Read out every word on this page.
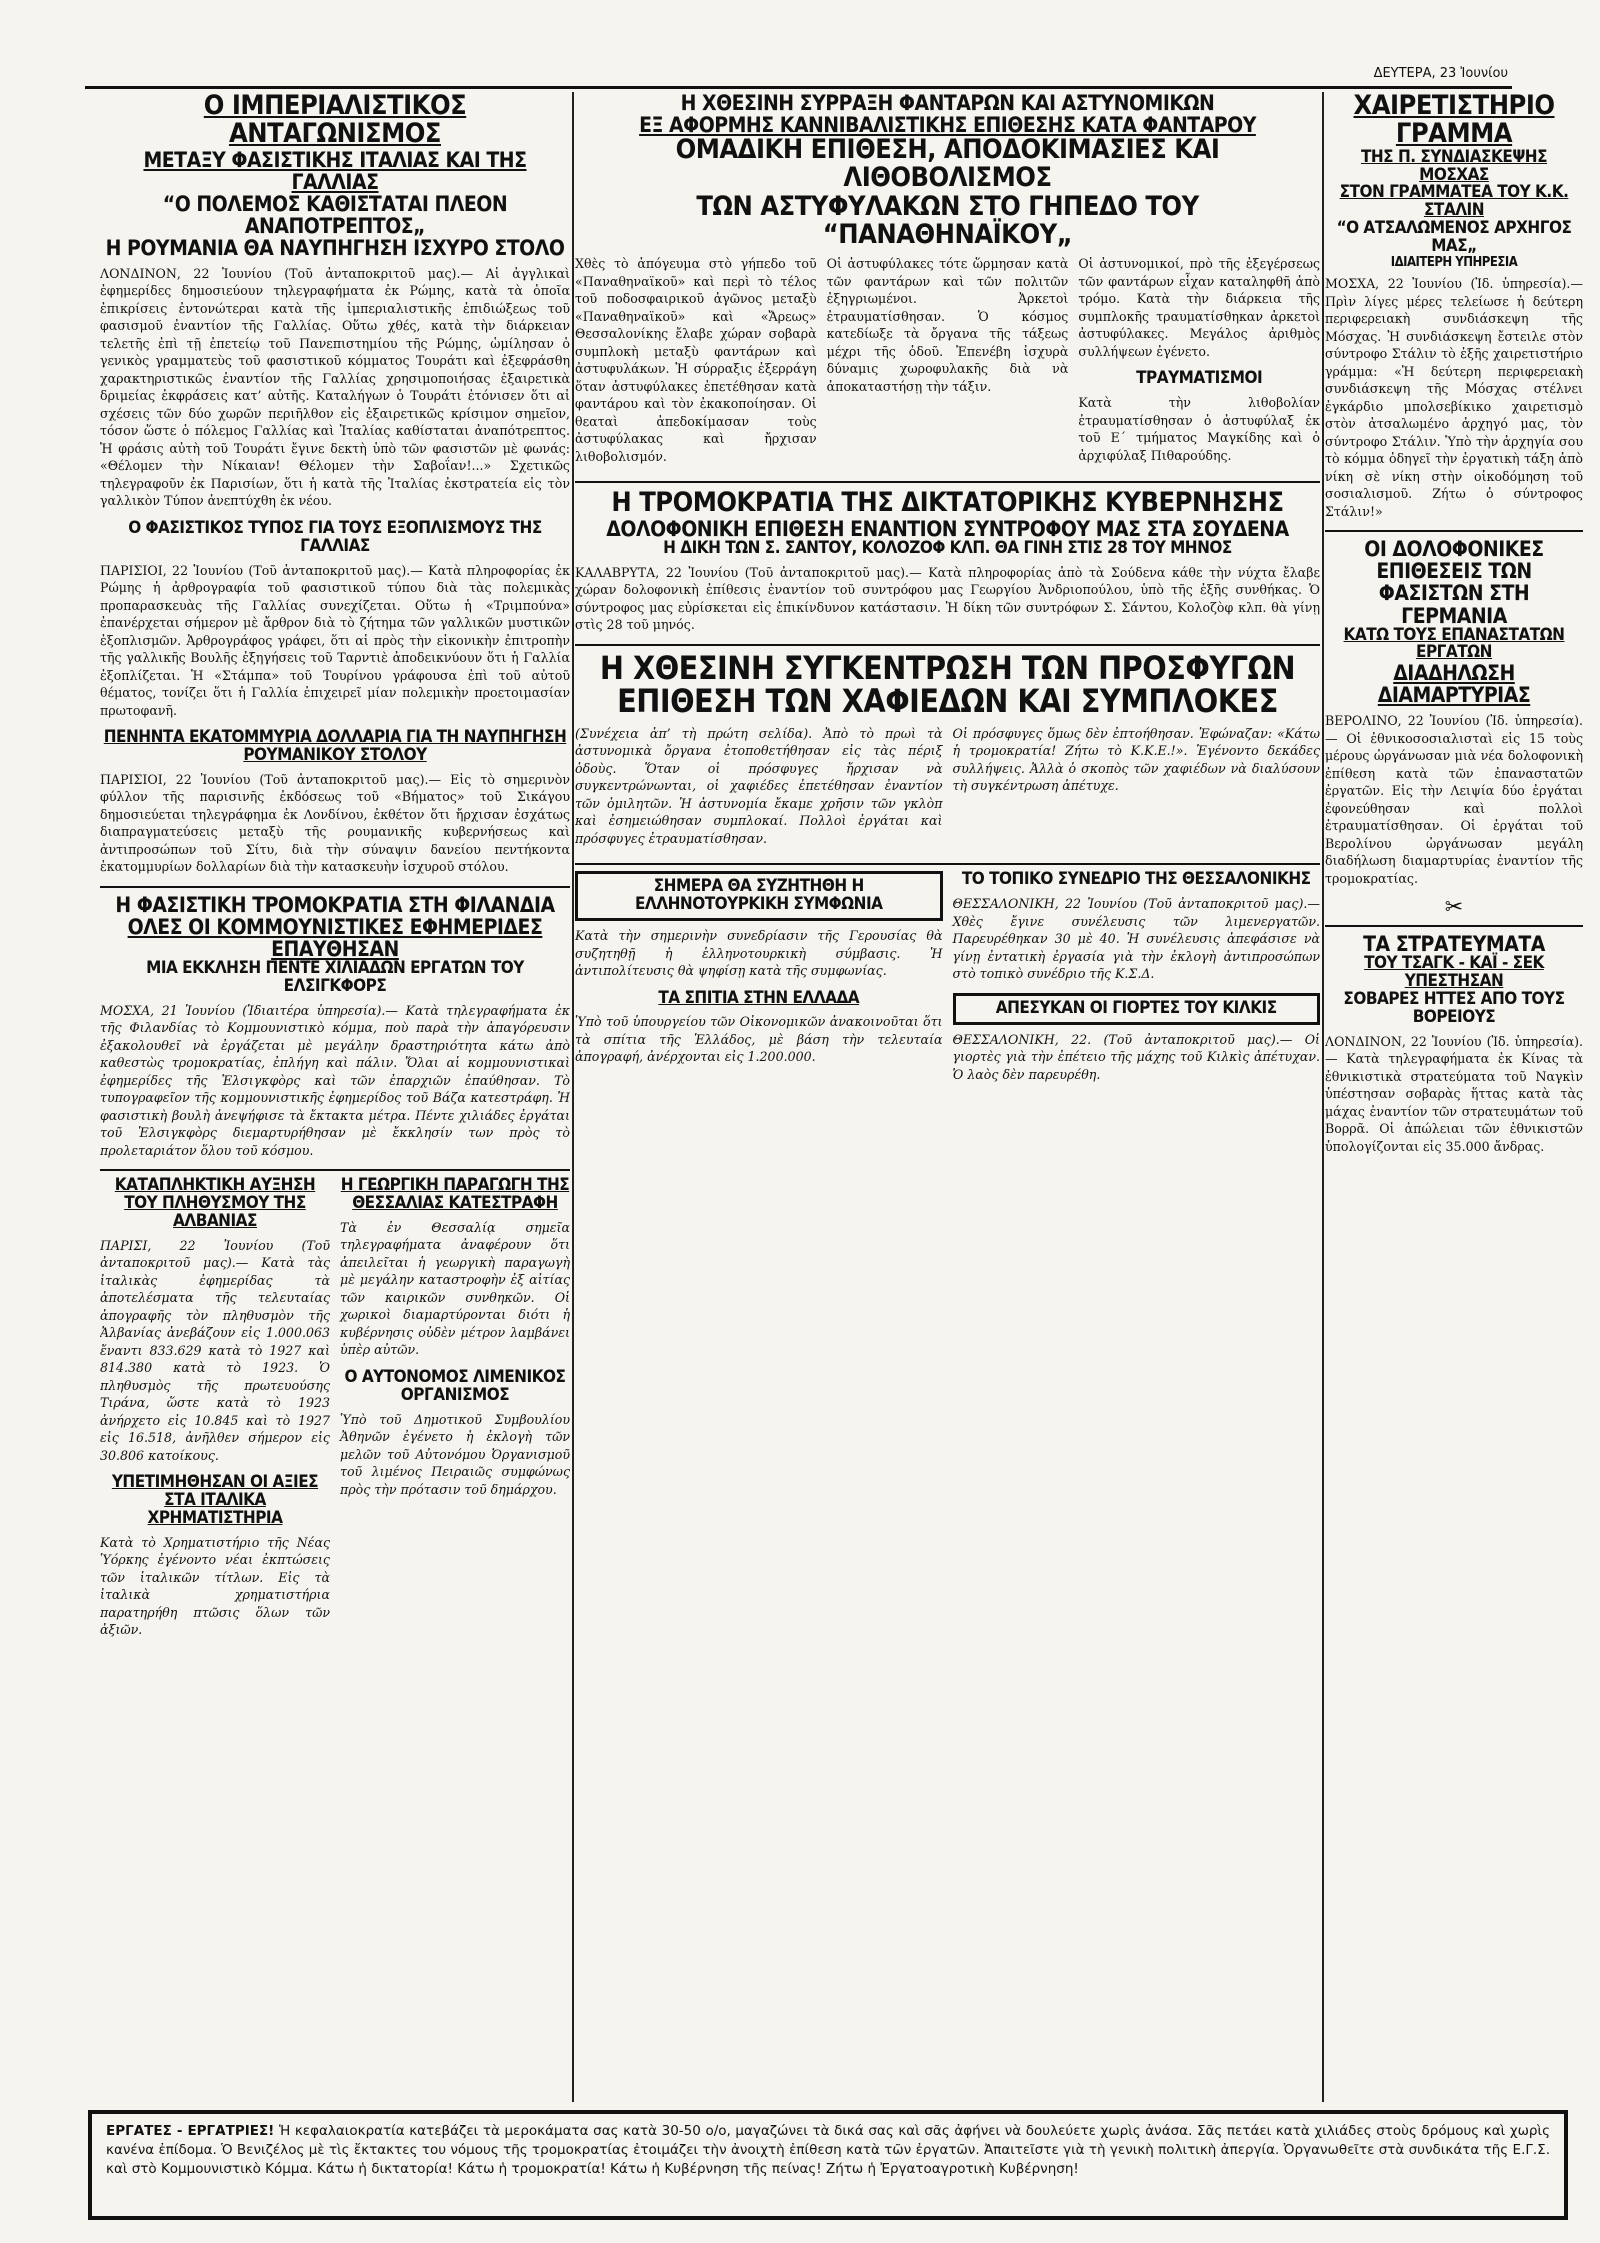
ΔΕΥΤΕΡΑ, 23 Ἰουνίου
Ο ΙΜΠΕΡΙΑΛΙΣΤΙΚΟΣ ΑΝΤΑΓΩΝΙΣΜΟΣ
ΜΕΤΑΞΥ ΦΑΣΙΣΤΙΚΗΣ ΙΤΑΛΙΑΣ ΚΑΙ ΤΗΣ ΓΑΛΛΙΑΣ
“Ο ΠΟΛΕΜΟΣ ΚΑΘΙΣΤΑΤΑΙ ΠΛΕΟΝ ΑΝΑΠΟΤΡΕΠΤΟΣ„
Η ΡΟΥΜΑΝΙΑ ΘΑ ΝΑΥΠΗΓΗΣΗ ΙΣΧΥΡΟ ΣΤΟΛΟ
ΛΟΝΔΙΝΟΝ, 22 Ἰουνίου (Τοῦ ἀνταποκριτοῦ μας).— Αἱ ἀγγλικαὶ ἐφημερίδες δημοσιεύουν τηλεγραφήματα ἐκ Ρώμης, κατὰ τὰ ὁποῖα ἐπικρίσεις ἐντονώτεραι κατὰ τῆς ἰμπεριαλιστικῆς ἐπιδιώξεως τοῦ φασισμοῦ ἐναντίον τῆς Γαλλίας. Οὕτω χθές, κατὰ τὴν διάρκειαν τελετῆς ἐπὶ τῇ ἐπετείῳ τοῦ Πανεπιστημίου τῆς Ρώμης, ὡμίλησαν ὁ γενικὸς γραμματεὺς τοῦ φασιστικοῦ κόμματος Τουράτι καὶ ἐξεφράσθη χαρακτηριστικῶς ἐναντίον τῆς Γαλλίας χρησιμοποιήσας ἐξαιρετικὰ δριμείας ἐκφράσεις κατ’ αὐτῆς. Καταλήγων ὁ Τουράτι ἐτόνισεν ὅτι αἱ σχέσεις τῶν δύο χωρῶν περιῆλθον εἰς ἐξαιρετικῶς κρίσιμον σημεῖον, τόσον ὥστε ὁ πόλεμος Γαλλίας καὶ Ἰταλίας καθίσταται ἀναπότρεπτος. Ἡ φράσις αὐτὴ τοῦ Τουράτι ἔγινε δεκτὴ ὑπὸ τῶν φασιστῶν μὲ φωνάς: «Θέλομεν τὴν Νίκαιαν! Θέλομεν τὴν Σαβοΐαν!...» Σχετικῶς τηλεγραφοῦν ἐκ Παρισίων, ὅτι ἡ κατὰ τῆς Ἰταλίας ἐκστρατεία εἰς τὸν γαλλικὸν Τύπον ἀνεπτύχθη ἐκ νέου.
Ο ΦΑΣΙΣΤΙΚΟΣ ΤΥΠΟΣ ΓΙΑ ΤΟΥΣ ΕΞΟΠΛΙΣΜΟΥΣ ΤΗΣ ΓΑΛΛΙΑΣ
ΠΑΡΙΣΙΟΙ, 22 Ἰουνίου (Τοῦ ἀνταποκριτοῦ μας).— Κατὰ πληροφορίας ἐκ Ρώμης ἡ ἀρθρογραφία τοῦ φασιστικοῦ τύπου διὰ τὰς πολεμικὰς προπαρασκευὰς τῆς Γαλλίας συνεχίζεται. Οὕτω ἡ «Τριμπούνα» ἐπανέρχεται σήμερον μὲ ἄρθρον διὰ τὸ ζήτημα τῶν γαλλικῶν μυστικῶν ἐξοπλισμῶν. Ἀρθρογράφος γράφει, ὅτι αἱ πρὸς τὴν εἰκονικὴν ἐπιτροπὴν τῆς γαλλικῆς Βουλῆς ἐξηγήσεις τοῦ Ταρντιὲ ἀποδεικνύουν ὅτι ἡ Γαλλία ἐξοπλίζεται. Ἡ «Στάμπα» τοῦ Τουρίνου γράφουσα ἐπὶ τοῦ αὐτοῦ θέματος, τονίζει ὅτι ἡ Γαλλία ἐπιχειρεῖ μίαν πολεμικὴν προετοιμασίαν πρωτοφανῆ.
ΠΕΝΗΝΤΑ ΕΚΑΤΟΜΜΥΡΙΑ ΔΟΛΛΑΡΙΑ ΓΙΑ ΤΗ ΝΑΥΠΗΓΗΣΗ ΡΟΥΜΑΝΙΚΟΥ ΣΤΟΛΟΥ
ΠΑΡΙΣΙΟΙ, 22 Ἰουνίου (Τοῦ ἀνταποκριτοῦ μας).— Εἰς τὸ σημερινὸν φύλλον τῆς παρισινῆς ἐκδόσεως τοῦ «Βήματος» τοῦ Σικάγου δημοσιεύεται τηλεγράφημα ἐκ Λονδίνου, ἐκθέτον ὅτι ἤρχισαν ἐσχάτως διαπραγματεύσεις μεταξὺ τῆς ρουμανικῆς κυβερνήσεως καὶ ἀντιπροσώπων τοῦ Σίτυ, διὰ τὴν σύναψιν δανείου πεντήκοντα ἑκατομμυρίων δολλαρίων διὰ τὴν κατασκευὴν ἰσχυροῦ στόλου.
Η ΦΑΣΙΣΤΙΚΗ ΤΡΟΜΟΚΡΑΤΙΑ ΣΤΗ ΦΙΛΑΝΔΙΑ
ΟΛΕΣ ΟΙ ΚΟΜΜΟΥΝΙΣΤΙΚΕΣ ΕΦΗΜΕΡΙΔΕΣ ΕΠΑΥΘΗΣΑΝ
ΜΙΑ ΕΚΚΛΗΣΗ ΠΕΝΤΕ ΧΙΛΙΑΔΩΝ ΕΡΓΑΤΩΝ ΤΟΥ ΕΛΣΙΓΚΦΟΡΣ
ΜΟΣΧΑ, 21 Ἰουνίου (Ἰδιαιτέρα ὑπηρεσία).— Κατὰ τηλεγραφήματα ἐκ τῆς Φιλανδίας τὸ Κομμουνιστικὸ κόμμα, ποὺ παρὰ τὴν ἀπαγόρευσιν ἐξακολουθεῖ νὰ ἐργάζεται μὲ μεγάλην δραστηριότητα κάτω ἀπὸ καθεστὼς τρομοκρατίας, ἐπλήγη καὶ πάλιν. Ὅλαι αἱ κομμουνιστικαὶ ἐφημερίδες τῆς Ἑλσιγκφὸρς καὶ τῶν ἐπαρχιῶν ἐπαύθησαν. Τὸ τυπογραφεῖον τῆς κομμουνιστικῆς ἐφημερίδος τοῦ Βάζα κατεστράφη. Ἡ φασιστικὴ βουλὴ ἀνεψήφισε τὰ ἔκτακτα μέτρα. Πέντε χιλιάδες ἐργάται τοῦ Ἑλσιγκφὸρς διεμαρτυρήθησαν μὲ ἔκκλησίν των πρὸς τὸ προλεταριάτον ὅλου τοῦ κόσμου.
ΚΑΤΑΠΛΗΚΤΙΚΗ ΑΥΞΗΣΗ ΤΟΥ ΠΛΗΘΥΣΜΟΥ ΤΗΣ ΑΛΒΑΝΙΑΣ
ΠΑΡΙΣΙ, 22 Ἰουνίου (Τοῦ ἀνταποκριτοῦ μας).— Κατὰ τὰς ἰταλικὰς ἐφημερίδας τὰ ἀποτελέσματα τῆς τελευταίας ἀπογραφῆς τὸν πληθυσμὸν τῆς Ἀλβανίας ἀνεβάζουν εἰς 1.000.063 ἔναντι 833.629 κατὰ τὸ 1927 καὶ 814.380 κατὰ τὸ 1923. Ὁ πληθυσμὸς τῆς πρωτευούσης Τιράνα, ὥστε κατὰ τὸ 1923 ἀνήρχετο εἰς 10.845 καὶ τὸ 1927 εἰς 16.518, ἀνῆλθεν σήμερον εἰς 30.806 κατοίκους.
ΥΠΕΤΙΜΗΘΗΣΑΝ ΟΙ ΑΞΙΕΣ ΣΤΑ ΙΤΑΛΙΚΑ ΧΡΗΜΑΤΙΣΤΗΡΙΑ
Κατὰ τὸ Χρηματιστήριο τῆς Νέας Ὑόρκης ἐγένοντο νέαι ἐκπτώσεις τῶν ἰταλικῶν τίτλων. Εἰς τὰ ἰταλικὰ χρηματιστήρια παρατηρήθη πτῶσις ὅλων τῶν ἀξιῶν.
Η ΓΕΩΡΓΙΚΗ ΠΑΡΑΓΩΓΗ ΤΗΣ ΘΕΣΣΑΛΙΑΣ ΚΑΤΕΣΤΡΑΦΗ
Τὰ ἐν Θεσσαλίᾳ σημεῖα τηλεγραφήματα ἀναφέρουν ὅτι ἀπειλεῖται ἡ γεωργικὴ παραγωγὴ μὲ μεγάλην καταστροφὴν ἐξ αἰτίας τῶν καιρικῶν συνθηκῶν. Οἱ χωρικοὶ διαμαρτύρονται διότι ἡ κυβέρνησις οὐδὲν μέτρον λαμβάνει ὑπὲρ αὐτῶν.
Ο ΑΥΤΟΝΟΜΟΣ ΛΙΜΕΝΙΚΟΣ ΟΡΓΑΝΙΣΜΟΣ
Ὑπὸ τοῦ Δημοτικοῦ Συμβουλίου Ἀθηνῶν ἐγένετο ἡ ἐκλογὴ τῶν μελῶν τοῦ Αὐτονόμου Ὀργανισμοῦ τοῦ λιμένος Πειραιῶς συμφώνως πρὸς τὴν πρότασιν τοῦ δημάρχου.
Η ΧΘΕΣΙΝΗ ΣΥΡΡΑΞΗ ΦΑΝΤΑΡΩΝ ΚΑΙ ΑΣΤΥΝΟΜΙΚΩΝ
ΕΞ ΑΦΟΡΜΗΣ ΚΑΝΝΙΒΑΛΙΣΤΙΚΗΣ ΕΠΙΘΕΣΗΣ ΚΑΤΑ ΦΑΝΤΑΡΟΥ
ΟΜΑΔΙΚΗ ΕΠΙΘΕΣΗ, ΑΠΟΔΟΚΙΜΑΣΙΕΣ ΚΑΙ ΛΙΘΟΒΟΛΙΣΜΟΣ
ΤΩΝ ΑΣΤΥΦΥΛΑΚΩΝ ΣΤΟ ΓΗΠΕΔΟ ΤΟΥ “ΠΑΝΑΘΗΝΑΪΚΟΥ„
Χθὲς τὸ ἀπόγευμα στὸ γήπεδο τοῦ «Παναθηναϊκοῦ» καὶ περὶ τὸ τέλος τοῦ ποδοσφαιρικοῦ ἀγῶνος μεταξὺ «Παναθηναϊκοῦ» καὶ «Ἄρεως» Θεσσαλονίκης ἔλαβε χώραν σοβαρὰ συμπλοκὴ μεταξὺ φαντάρων καὶ ἀστυφυλάκων. Ἡ σύρραξις ἐξερράγη ὅταν ἀστυφύλακες ἐπετέθησαν κατὰ φαντάρου καὶ τὸν ἐκακοποίησαν. Οἱ θεαταὶ ἀπεδοκίμασαν τοὺς ἀστυφύλακας καὶ ἤρχισαν λιθοβολισμόν.
Οἱ ἀστυφύλακες τότε ὥρμησαν κατὰ τῶν φαντάρων καὶ τῶν πολιτῶν ἐξηγριωμένοι. Ἀρκετοὶ ἐτραυματίσθησαν. Ὁ κόσμος κατεδίωξε τὰ ὄργανα τῆς τάξεως μέχρι τῆς ὁδοῦ. Ἐπενέβη ἰσχυρὰ δύναμις χωροφυλακῆς διὰ νὰ ἀποκαταστήσῃ τὴν τάξιν.
Οἱ ἀστυνομικοί, πρὸ τῆς ἐξεγέρσεως τῶν φαντάρων εἶχαν καταληφθῆ ἀπὸ τρόμο. Κατὰ τὴν διάρκεια τῆς συμπλοκῆς τραυματίσθηκαν ἀρκετοὶ ἀστυφύλακες. Μεγάλος ἀριθμὸς συλλήψεων ἐγένετο.
ΤΡΑΥΜΑΤΙΣΜΟΙ
Κατὰ τὴν λιθοβολίαν ἐτραυματίσθησαν ὁ ἀστυφύλαξ ἐκ τοῦ Ε΄ τμήματος Μαγκίδης καὶ ὁ ἀρχιφύλαξ Πιθαρούδης.
Η ΤΡΟΜΟΚΡΑΤΙΑ ΤΗΣ ΔΙΚΤΑΤΟΡΙΚΗΣ ΚΥΒΕΡΝΗΣΗΣ
ΔΟΛΟΦΟΝΙΚΗ ΕΠΙΘΕΣΗ ΕΝΑΝΤΙΟΝ ΣΥΝΤΡΟΦΟΥ ΜΑΣ ΣΤΑ ΣΟΥΔΕΝΑ
Η ΔΙΚΗ ΤΩΝ Σ. ΣΑΝΤΟΥ, ΚΟΛΟΖΟΦ ΚΛΠ. ΘΑ ΓΙΝΗ ΣΤΙΣ 28 ΤΟΥ ΜΗΝΟΣ
ΚΑΛΑΒΡΥΤΑ, 22 Ἰουνίου (Τοῦ ἀνταποκριτοῦ μας).— Κατὰ πληροφορίας ἀπὸ τὰ Σούδενα κάθε τὴν νύχτα ἔλαβε χώραν δολοφονικὴ ἐπίθεσις ἐναντίον τοῦ συντρόφου μας Γεωργίου Ἀνδριοπούλου, ὑπὸ τῆς ἐξῆς συνθήκας. Ὁ σύντροφος μας εὐρίσκεται εἰς ἐπικίνδυνον κατάστασιν. Ἡ δίκη τῶν συντρόφων Σ. Σάντου, Κολοζὸφ κλπ. θὰ γίνῃ στὶς 28 τοῦ μηνός.
Η ΧΘΕΣΙΝΗ ΣΥΓΚΕΝΤΡΩΣΗ ΤΩΝ ΠΡΟΣΦΥΓΩΝ
ΕΠΙΘΕΣΗ ΤΩΝ ΧΑΦΙΕΔΩΝ ΚΑΙ ΣΥΜΠΛΟΚΕΣ
(Συνέχεια ἀπ’ τὴ πρώτη σελίδα). Ἀπὸ τὸ πρωὶ τὰ ἀστυνομικὰ ὄργανα ἐτοποθετήθησαν εἰς τὰς πέριξ ὁδοὺς. Ὅταν οἱ πρόσφυγες ἤρχισαν νὰ συγκεντρώνωνται, οἱ χαφιέδες ἐπετέθησαν ἐναντίον τῶν ὁμιλητῶν. Ἡ ἀστυνομία ἔκαμε χρῆσιν τῶν γκλὸπ καὶ ἐσημειώθησαν συμπλοκαί. Πολλοὶ ἐργάται καὶ πρόσφυγες ἐτραυματίσθησαν.
Οἱ πρόσφυγες ὅμως δὲν ἐπτοήθησαν. Ἐφώναζαν: «Κάτω ἡ τρομοκρατία! Ζήτω τὸ Κ.Κ.Ε.!». Ἐγένοντο δεκάδες συλλήψεις. Ἀλλὰ ὁ σκοπὸς τῶν χαφιέδων νὰ διαλύσουν τὴ συγκέντρωση ἀπέτυχε.
ΣΗΜΕΡΑ ΘΑ ΣΥΖΗΤΗΘΗ Η ΕΛΛΗΝΟΤΟΥΡΚΙΚΗ ΣΥΜΦΩΝΙΑ
Κατὰ τὴν σημερινὴν συνεδρίασιν τῆς Γερουσίας θὰ συζητηθῇ ἡ ἑλληνοτουρκικὴ σύμβασις. Ἡ ἀντιπολίτευσις θὰ ψηφίσῃ κατὰ τῆς συμφωνίας.
ΤΑ ΣΠΙΤΙΑ ΣΤΗΝ ΕΛΛΑΔΑ
Ὑπὸ τοῦ ὑπουργείου τῶν Οἰκονομικῶν ἀνακοινοῦται ὅτι τὰ σπίτια τῆς Ἑλλάδος, μὲ βάση τὴν τελευταία ἀπογραφή, ἀνέρχονται εἰς 1.200.000.
ΤΟ ΤΟΠΙΚΟ ΣΥΝΕΔΡΙΟ ΤΗΣ ΘΕΣΣΑΛΟΝΙΚΗΣ
ΘΕΣΣΑΛΟΝΙΚΗ, 22 Ἰουνίου (Τοῦ ἀνταποκριτοῦ μας).— Χθὲς ἔγινε συνέλευσις τῶν λιμενεργατῶν. Παρευρέθηκαν 30 μὲ 40. Ἡ συνέλευσις ἀπεφάσισε νὰ γίνῃ ἐντατικὴ ἐργασία γιὰ τὴν ἐκλογὴ ἀντιπροσώπων στὸ τοπικὸ συνέδριο τῆς Κ.Σ.Δ.
ΑΠΕΣΥΚΑΝ ΟΙ ΓΙΟΡΤΕΣ ΤΟΥ ΚΙΛΚΙΣ
ΘΕΣΣΑΛΟΝΙΚΗ, 22. (Τοῦ ἀνταποκριτοῦ μας).— Οἱ γιορτὲς γιὰ τὴν ἐπέτειο τῆς μάχης τοῦ Κιλκὶς ἀπέτυχαν. Ὁ λαὸς δὲν παρευρέθη.
ΧΑΙΡΕΤΙΣΤΗΡΙΟ ΓΡΑΜΜΑ
ΤΗΣ Π. ΣΥΝΔΙΑΣΚΕΨΗΣ ΜΟΣΧΑΣ
ΣΤΟΝ ΓΡΑΜΜΑΤΕΑ ΤΟΥ Κ.Κ. ΣΤΑΛΙΝ
“Ο ΑΤΣΑΛΩΜΕΝΟΣ ΑΡΧΗΓΟΣ ΜΑΣ„
ΙΔΙΑΙΤΕΡΗ ΥΠΗΡΕΣΙΑ
ΜΟΣΧΑ, 22 Ἰουνίου (Ἰδ. ὑπηρεσία).— Πρὶν λίγες μέρες τελείωσε ἡ δεύτερη περιφερειακὴ συνδιάσκεψη τῆς Μόσχας. Ἡ συνδιάσκεψη ἔστειλε στὸν σύντροφο Στάλιν τὸ ἑξῆς χαιρετιστήριο γράμμα: «Ἡ δεύτερη περιφερειακὴ συνδιάσκεψη τῆς Μόσχας στέλνει ἐγκάρδιο μπολσεβίκικο χαιρετισμὸ στὸν ἀτσαλωμένο ἀρχηγό μας, τὸν σύντροφο Στάλιν. Ὑπὸ τὴν ἀρχηγία σου τὸ κόμμα ὁδηγεῖ τὴν ἐργατικὴ τάξη ἀπὸ νίκη σὲ νίκη στὴν οἰκοδόμηση τοῦ σοσιαλισμοῦ. Ζήτω ὁ σύντροφος Στάλιν!»
ΟΙ ΔΟΛΟΦΟΝΙΚΕΣ ΕΠΙΘΕΣΕΙΣ ΤΩΝ ΦΑΣΙΣΤΩΝ ΣΤΗ ΓΕΡΜΑΝΙΑ
ΚΑΤΩ ΤΟΥΣ ΕΠΑΝΑΣΤΑΤΩΝ ΕΡΓΑΤΩΝ
ΔΙΑΔΗΛΩΣΗ ΔΙΑΜΑΡΤΥΡΙΑΣ
ΒΕΡΟΛΙΝΟ, 22 Ἰουνίου (Ἰδ. ὑπηρεσία).— Οἱ ἐθνικοσοσιαλισταὶ εἰς 15 τοὺς μέρους ὠργάνωσαν μιὰ νέα δολοφονικὴ ἐπίθεση κατὰ τῶν ἐπαναστατῶν ἐργατῶν. Εἰς τὴν Λειψία δύο ἐργάται ἐφονεύθησαν καὶ πολλοὶ ἐτραυματίσθησαν. Οἱ ἐργάται τοῦ Βερολίνου ὠργάνωσαν μεγάλη διαδήλωση διαμαρτυρίας ἐναντίον τῆς τρομοκρατίας.
✂
ΤΑ ΣΤΡΑΤΕΥΜΑΤΑ
ΤΟΥ ΤΣΑΓΚ - ΚΑΪ - ΣΕΚ ΥΠΕΣΤΗΣΑΝ
ΣΟΒΑΡΕΣ ΗΤΤΕΣ ΑΠΟ ΤΟΥΣ ΒΟΡΕΙΟΥΣ
ΛΟΝΔΙΝΟΝ, 22 Ἰουνίου (Ἰδ. ὑπηρεσία).— Κατὰ τηλεγραφήματα ἐκ Κίνας τὰ ἐθνικιστικὰ στρατεύματα τοῦ Ναγκὶν ὑπέστησαν σοβαρὰς ἥττας κατὰ τὰς μάχας ἐναντίον τῶν στρατευμάτων τοῦ Βορρᾶ. Οἱ ἀπώλειαι τῶν ἐθνικιστῶν ὑπολογίζονται εἰς 35.000 ἄνδρας.
ΕΡΓΑΤΕΣ - ΕΡΓΑΤΡΙΕΣ! Ἡ κεφαλαιοκρατία κατεβάζει τὰ μεροκάματα σας κατὰ 30-50 ο/ο, μαγαζώνει τὰ δικά σας καὶ σᾶς ἀφήνει νὰ δουλεύετε χωρὶς ἀνάσα. Σᾶς πετάει κατὰ χιλιάδες στοὺς δρόμους καὶ χωρὶς κανένα ἐπίδομα. Ὁ Βενιζέλος μὲ τὶς ἔκτακτες του νόμους τῆς τρομοκρατίας ἐτοιμάζει τὴν ἀνοιχτὴ ἐπίθεση κατὰ τῶν ἐργατῶν. Ἀπαιτεῖστε γιὰ τὴ γενικὴ πολιτικὴ ἀπεργία. Ὀργανωθεῖτε στὰ συνδικάτα τῆς Ε.Γ.Σ. καὶ στὸ Κομμουνιστικὸ Κόμμα. Κάτω ἡ δικτατορία! Κάτω ἡ τρομοκρατία! Κάτω ἡ Κυβέρνηση τῆς πείνας! Ζήτω ἡ Ἐργατοαγροτικὴ Κυβέρνηση!
